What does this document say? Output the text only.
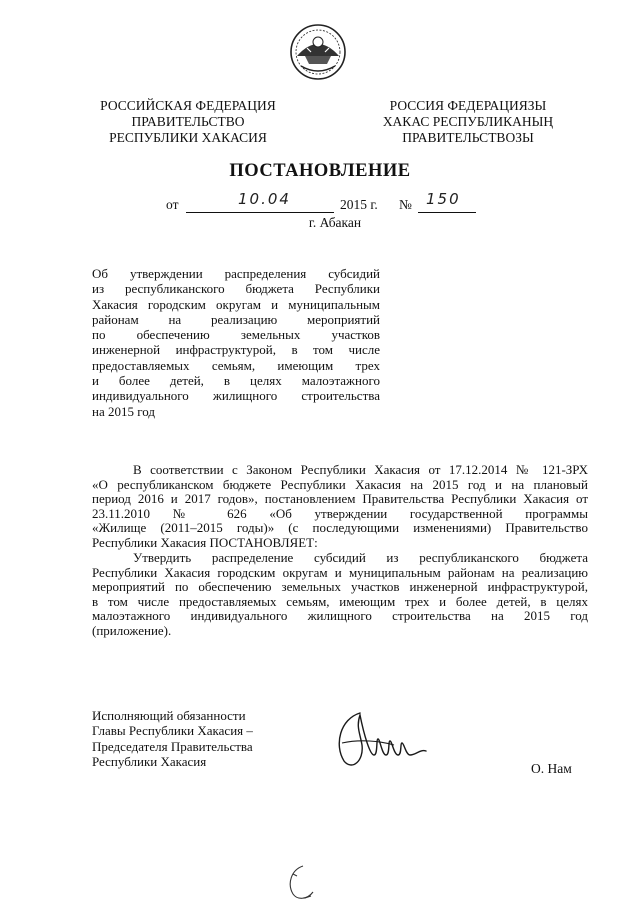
РОССИЙСКАЯ ФЕДЕРАЦИЯ
ПРАВИТЕЛЬСТВО
РЕСПУБЛИКИ ХАКАСИЯ
РОССИЯ ФЕДЕРАЦИЯЗЫ
ХАКАС РЕСПУБЛИКАНЫҢ
ПРАВИТЕЛЬСТВОЗЫ
ПОСТАНОВЛЕНИЕ
от	10.04	2015 г. № 150
г. Абакан
Об утверждении распределения субсидий
из республиканского бюджета Республики
Хакасия городским округам и муниципальным
районам на реализацию мероприятий
по обеспечению земельных участков
инженерной инфраструктурой, в том числе
предоставляемых семьям, имеющим трех
и более детей, в целях малоэтажного
индивидуального жилищного строительства
на 2015 год
В соответствии с Законом Республики Хакасия от 17.12.2014 № 121-ЗРХ
«О республиканском бюджете Республики Хакасия на 2015 год и на плановый
период 2016 и 2017 годов», постановлением Правительства Республики Хакасия от
23.11.2010 № 626 «Об утверждении государственной программы
«Жилище (2011–2015 годы)» (с последующими изменениями) Правительство
Республики Хакасия ПОСТАНОВЛЯЕТ:
Утвердить распределение субсидий из республиканского бюджета
Республики Хакасия городским округам и муниципальным районам на реализацию
мероприятий по обеспечению земельных участков инженерной инфраструктурой,
в том числе предоставляемых семьям, имеющим трех и более детей, в целях
малоэтажного индивидуального жилищного строительства на 2015 год
(приложение).
Исполняющий обязанности
Главы Республики Хакасия –
Председателя Правительства
Республики Хакасия	О. Нам
